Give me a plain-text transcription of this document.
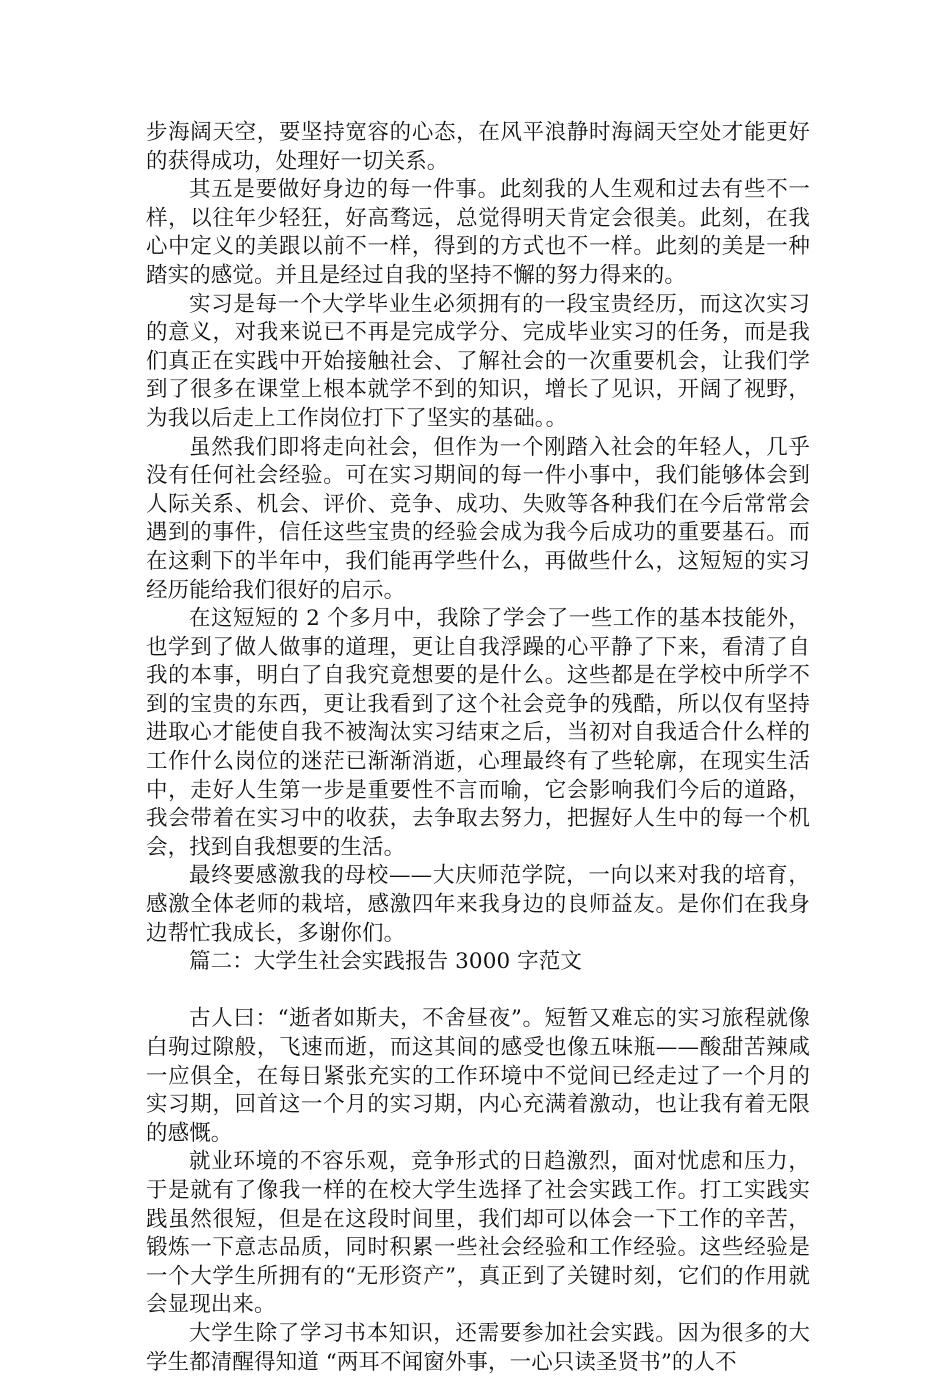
步海阔天空，要坚持宽容的心态，在风平浪静时海阔天空处才能更好的获得成功，处理好一切关系。

其五是要做好身边的每一件事。此刻我的人生观和过去有些不一样，以往年少轻狂，好高骛远，总觉得明天肯定会很美。此刻，在我心中定义的美跟以前不一样，得到的方式也不一样。此刻的美是一种踏实的感觉。并且是经过自我的坚持不懈的努力得来的。

实习是每一个大学毕业生必须拥有的一段宝贵经历，而这次实习的意义，对我来说已不再是完成学分、完成毕业实习的任务，而是我们真正在实践中开始接触社会、了解社会的一次重要机会，让我们学到了很多在课堂上根本就学不到的知识，增长了见识，开阔了视野，为我以后走上工作岗位打下了坚实的基础。。

虽然我们即将走向社会，但作为一个刚踏入社会的年轻人，几乎没有任何社会经验。可在实习期间的每一件小事中，我们能够体会到人际关系、机会、评价、竞争、成功、失败等各种我们在今后常常会遇到的事件，信任这些宝贵的经验会成为我今后成功的重要基石。而在这剩下的半年中，我们能再学些什么，再做些什么，这短短的实习经历能给我们很好的启示。

在这短短的 2 个多月中，我除了学会了一些工作的基本技能外，也学到了做人做事的道理，更让自我浮躁的心平静了下来，看清了自我的本事，明白了自我究竟想要的是什么。这些都是在学校中所学不到的宝贵的东西，更让我看到了这个社会竞争的残酷，所以仅有坚持进取心才能使自我不被淘汰实习结束之后，当初对自我适合什么样的工作什么岗位的迷茫已渐渐消逝，心理最终有了些轮廓，在现实生活中，走好人生第一步是重要性不言而喻，它会影响我们今后的道路，我会带着在实习中的收获，去争取去努力，把握好人生中的每一个机会，找到自我想要的生活。

最终要感激我的母校——大庆师范学院，一向以来对我的培育，感激全体老师的栽培，感激四年来我身边的良师益友。是你们在我身边帮忙我成长，多谢你们。

篇二：大学生社会实践报告 3000 字范文

古人曰：“逝者如斯夫，不舍昼夜”。短暂又难忘的实习旅程就像白驹过隙般，飞速而逝，而这其间的感受也像五味瓶——酸甜苦辣咸一应俱全，在每日紧张充实的工作环境中不觉间已经走过了一个月的实习期，回首这一个月的实习期，内心充满着激动，也让我有着无限的感慨。

就业环境的不容乐观，竞争形式的日趋激烈，面对忧虑和压力，于是就有了像我一样的在校大学生选择了社会实践工作。打工实践实践虽然很短，但是在这段时间里，我们却可以体会一下工作的辛苦，锻炼一下意志品质，同时积累一些社会经验和工作经验。这些经验是一个大学生所拥有的“无形资产”，真正到了关键时刻，它们的作用就会显现出来。

大学生除了学习书本知识，还需要参加社会实践。因为很多的大学生都清醒得知道 “两耳不闻窗外事，一心只读圣贤书”的人不
